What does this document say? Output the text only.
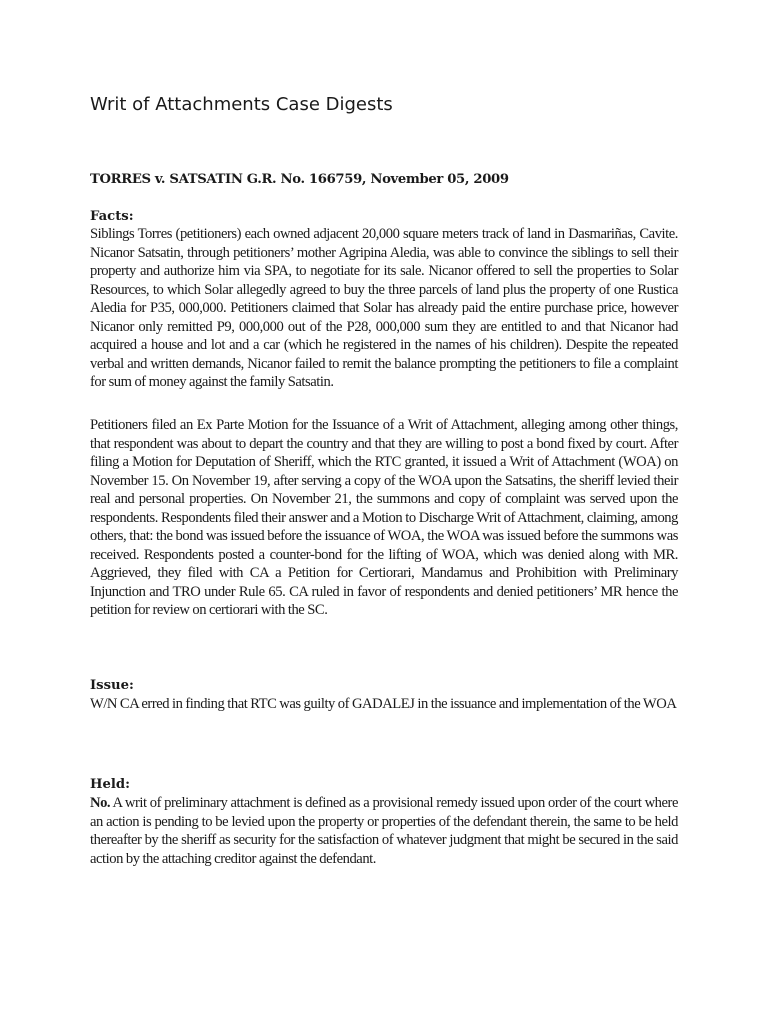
Writ of Attachments Case Digests
TORRES v. SATSATIN G.R. No. 166759, November 05, 2009
Facts:

Siblings Torres (petitioners) each owned adjacent 20,000 square meters track of land in Dasmariñas, Cavite. Nicanor Satsatin, through petitioners’ mother Agripina Aledia, was able to convince the siblings to sell their property and authorize him via SPA, to negotiate for its sale. Nicanor offered to sell the properties to Solar Resources, to which Solar allegedly agreed to buy the three parcels of land plus the property of one Rustica Aledia for P35, 000,000. Petitioners claimed that Solar has already paid the entire purchase price, however Nicanor only remitted P9, 000,000 out of the P28, 000,000 sum they are entitled to and that Nicanor had acquired a house and lot and a car (which he registered in the names of his children). Despite the repeated verbal and written demands, Nicanor failed to remit the balance prompting the petitioners to file a complaint for sum of money against the family Satsatin.

Petitioners filed an Ex Parte Motion for the Issuance of a Writ of Attachment, alleging among other things, that respondent was about to depart the country and that they are willing to post a bond fixed by court. After filing a Motion for Deputation of Sheriff, which the RTC granted, it issued a Writ of Attachment (WOA) on November 15. On November 19, after serving a copy of the WOA upon the Satsatins, the sheriff levied their real and personal properties. On November 21, the summons and copy of complaint was served upon the respondents. Respondents filed their answer and a Motion to Discharge Writ of Attachment, claiming, among others, that: the bond was issued before the issuance of WOA, the WOA was issued before the summons was received. Respondents posted a counter-bond for the lifting of WOA, which was denied along with MR. Aggrieved, they filed with CA a Petition for Certiorari, Mandamus and Prohibition with Preliminary Injunction and TRO under Rule 65. CA ruled in favor of respondents and denied petitioners’ MR hence the petition for review on certiorari with the SC.

Issue:

W/N CA erred in finding that RTC was guilty of GADALEJ in the issuance and implementation of the WOA

Held:

No. A writ of preliminary attachment is defined as a provisional remedy issued upon order of the court where an action is pending to be levied upon the property or properties of the defendant therein, the same to be held thereafter by the sheriff as security for the satisfaction of whatever judgment that might be secured in the said action by the attaching creditor against the defendant.
